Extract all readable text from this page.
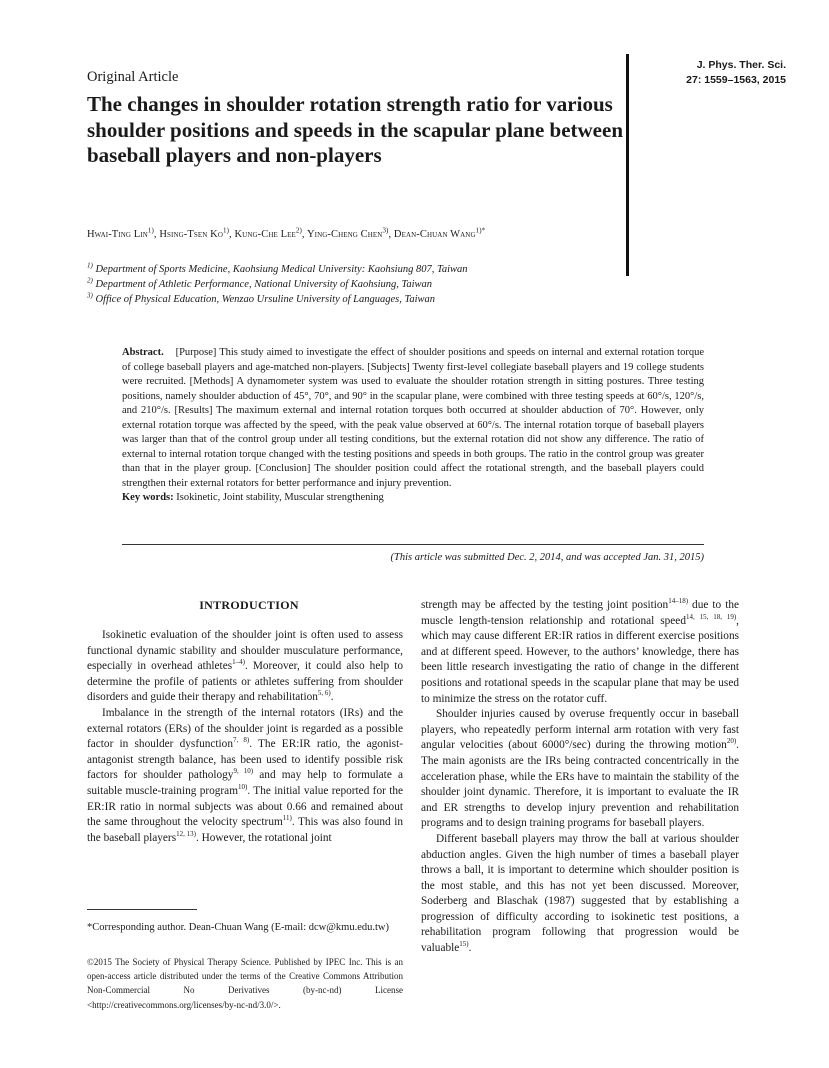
J. Phys. Ther. Sci.
27: 1559–1563, 2015
Original Article
The changes in shoulder rotation strength ratio for various shoulder positions and speeds in the scapular plane between baseball players and non-players
Hwai-Ting Lin$^{1)}$, Hsing-Tsen Ko$^{1)}$, Kung-Che Lee$^{2)}$, Ying-Cheng Chen$^{3)}$, Dean-Chuan Wang$^{1)*}$
$^{1)}$ Department of Sports Medicine, Kaohsiung Medical University: Kaohsiung 807, Taiwan
$^{2)}$ Department of Athletic Performance, National University of Kaohsiung, Taiwan
$^{3)}$ Office of Physical Education, Wenzao Ursuline University of Languages, Taiwan
Abstract. [Purpose] This study aimed to investigate the effect of shoulder positions and speeds on internal and external rotation torque of college baseball players and age-matched non-players. [Subjects] Twenty first-level collegiate baseball players and 19 college students were recruited. [Methods] A dynamometer system was used to evaluate the shoulder rotation strength in sitting postures. Three testing positions, namely shoulder abduction of 45°, 70°, and 90° in the scapular plane, were combined with three testing speeds at 60°/s, 120°/s, and 210°/s. [Results] The maximum external and internal rotation torques both occurred at shoulder abduction of 70°. However, only external rotation torque was affected by the speed, with the peak value observed at 60°/s. The internal rotation torque of baseball players was larger than that of the control group under all testing conditions, but the external rotation did not show any difference. The ratio of external to internal rotation torque changed with the testing positions and speeds in both groups. The ratio in the control group was greater than that in the player group. [Conclusion] The shoulder position could affect the rotational strength, and the baseball players could strengthen their external rotators for better performance and injury prevention.
Key words: Isokinetic, Joint stability, Muscular strengthening
(This article was submitted Dec. 2, 2014, and was accepted Jan. 31, 2015)
INTRODUCTION

Isokinetic evaluation of the shoulder joint is often used to assess functional dynamic stability and shoulder musculature performance, especially in overhead athletes$^{1-4)}$. Moreover, it could also help to determine the profile of patients or athletes suffering from shoulder disorders and guide their therapy and rehabilitation$^{5, 6)}$.

Imbalance in the strength of the internal rotators (IRs) and the external rotators (ERs) of the shoulder joint is regarded as a possible factor in shoulder dysfunction$^{7, 8)}$. The ER:IR ratio, the agonist-antagonist strength balance, has been used to identify possible risk factors for shoulder pathology$^{9, 10)}$ and may help to formulate a suitable muscle-training program$^{10)}$. The initial value reported for the ER:IR ratio in normal subjects was about 0.66 and remained about the same throughout the velocity spectrum$^{11)}$. This was also found in the baseball players$^{12, 13)}$. However, the rotational joint

*Corresponding author. Dean-Chuan Wang (E-mail: dcw@kmu.edu.tw)
©2015 The Society of Physical Therapy Science. Published by IPEC Inc. This is an open-access article distributed under the terms of the Creative Commons Attribution Non-Commercial No Derivatives (by-nc-nd) License <http://creativecommons.org/licenses/by-nc-nd/3.0/>.

strength may be affected by the testing joint position$^{14-18)}$ due to the muscle length-tension relationship and rotational speed$^{14, 15, 18, 19)}$, which may cause different ER:IR ratios in different exercise positions and at different speed. However, to the authors’ knowledge, there has been little research investigating the ratio of change in the different positions and rotational speeds in the scapular plane that may be used to minimize the stress on the rotator cuff.

Shoulder injuries caused by overuse frequently occur in baseball players, who repeatedly perform internal arm rotation with very fast angular velocities (about 6000°/sec) during the throwing motion$^{20)}$. The main agonists are the IRs being contracted concentrically in the acceleration phase, while the ERs have to maintain the stability of the shoulder joint dynamic. Therefore, it is important to evaluate the IR and ER strengths to develop injury prevention and rehabilitation programs and to design training programs for baseball players.

Different baseball players may throw the ball at various shoulder abduction angles. Given the high number of times a baseball player throws a ball, it is important to determine which shoulder position is the most stable, and this has not yet been discussed. Moreover, Soderberg and Blaschak (1987) suggested that by establishing a progression of difficulty according to isokinetic test positions, a rehabilitation program following that progression would be valuable$^{15)}$.
